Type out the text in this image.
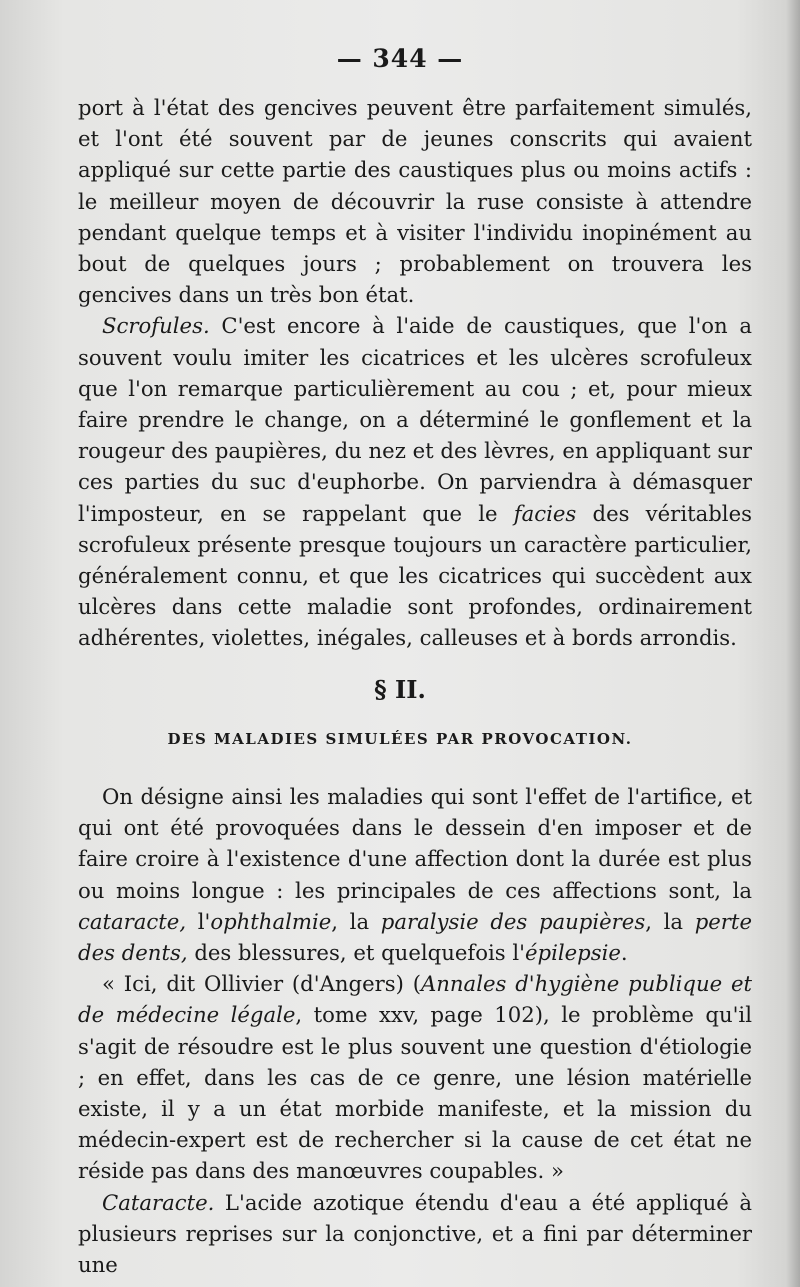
— 344 —

port à l'état des gencives peuvent être parfaitement simulés, et l'ont été souvent par de jeunes conscrits qui avaient appliqué sur cette partie des caustiques plus ou moins actifs : le meilleur moyen de découvrir la ruse consiste à attendre pendant quelque temps et à visiter l'individu inopinément au bout de quelques jours ; probablement on trouvera les gencives dans un très bon état.

Scrofules. C'est encore à l'aide de caustiques, que l'on a souvent voulu imiter les cicatrices et les ulcères scrofuleux que l'on remarque particulièrement au cou ; et, pour mieux faire prendre le change, on a déterminé le gonflement et la rougeur des paupières, du nez et des lèvres, en appliquant sur ces parties du suc d'euphorbe. On parviendra à démasquer l'imposteur, en se rappelant que le facies des véritables scrofuleux présente presque toujours un caractère particulier, généralement connu, et que les cicatrices qui succèdent aux ulcères dans cette maladie sont profondes, ordinairement adhérentes, violettes, inégales, calleuses et à bords arrondis.

§ II.
DES MALADIES SIMULÉES PAR PROVOCATION.

On désigne ainsi les maladies qui sont l'effet de l'artifice, et qui ont été provoquées dans le dessein d'en imposer et de faire croire à l'existence d'une affection dont la durée est plus ou moins longue : les principales de ces affections sont, la cataracte, l'ophthalmie, la paralysie des paupières, la perte des dents, des blessures, et quelquefois l'épilepsie.

« Ici, dit Ollivier (d'Angers) (Annales d'hygiène publique et de médecine légale, tome xxv, page 102), le problème qu'il s'agit de résoudre est le plus souvent une question d'étiologie ; en effet, dans les cas de ce genre, une lésion matérielle existe, il y a un état morbide manifeste, et la mission du médecin-expert est de rechercher si la cause de cet état ne réside pas dans des manœuvres coupables. »

Cataracte. L'acide azotique étendu d'eau a été appliqué à plusieurs reprises sur la conjonctive, et a fini par déterminer une
